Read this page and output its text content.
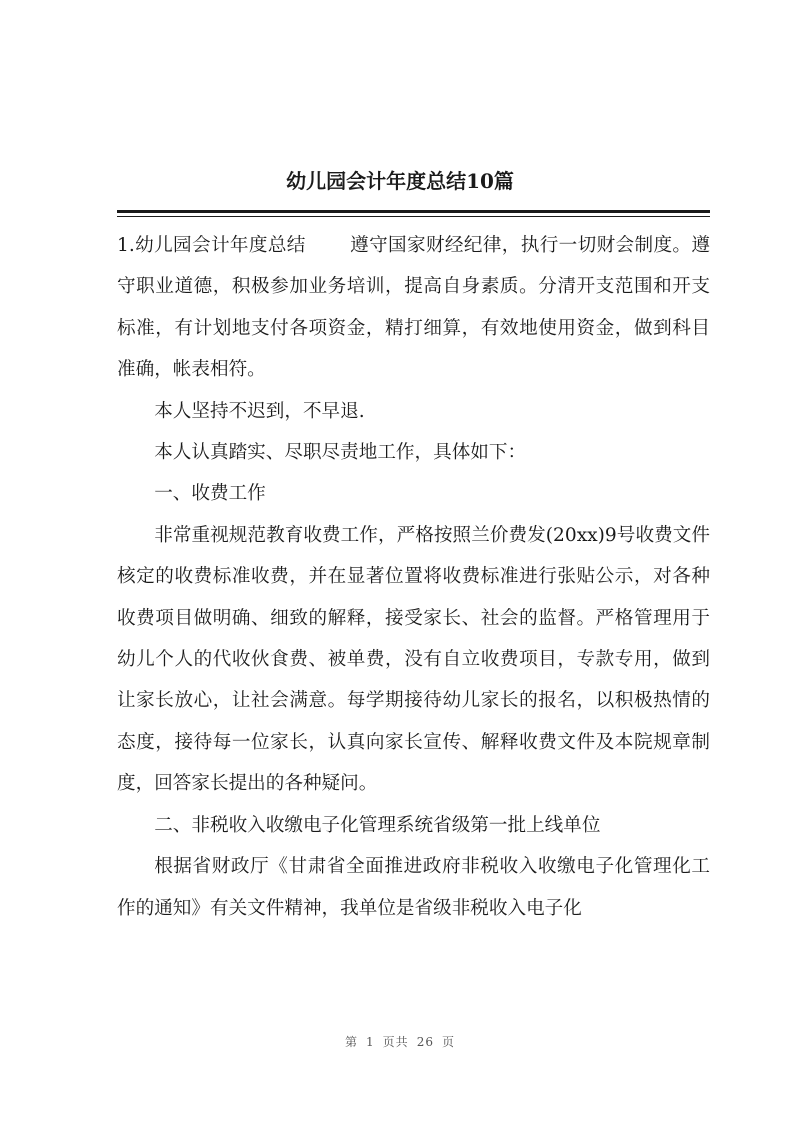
幼儿园会计年度总结10篇

1.幼儿园会计年度总结 遵守国家财经纪律，执行一切财会制度。遵守职业道德，积极参加业务培训，提高自身素质。分清开支范围和开支标准，有计划地支付各项资金，精打细算，有效地使用资金，做到科目准确，帐表相符。

本人坚持不迟到，不早退.

本人认真踏实、尽职尽责地工作，具体如下：

一、收费工作

非常重视规范教育收费工作，严格按照兰价费发(20xx)9号收费文件核定的收费标准收费，并在显著位置将收费标准进行张贴公示，对各种收费项目做明确、细致的解释，接受家长、社会的监督。严格管理用于幼儿个人的代收伙食费、被单费，没有自立收费项目，专款专用，做到让家长放心，让社会满意。每学期接待幼儿家长的报名，以积极热情的态度，接待每一位家长，认真向家长宣传、解释收费文件及本院规章制度，回答家长提出的各种疑问。

二、非税收入收缴电子化管理系统省级第一批上线单位

根据省财政厅《甘肃省全面推进政府非税收入收缴电子化管理化工作的通知》有关文件精神，我单位是省级非税收入电子化

第 1 页共 26 页
